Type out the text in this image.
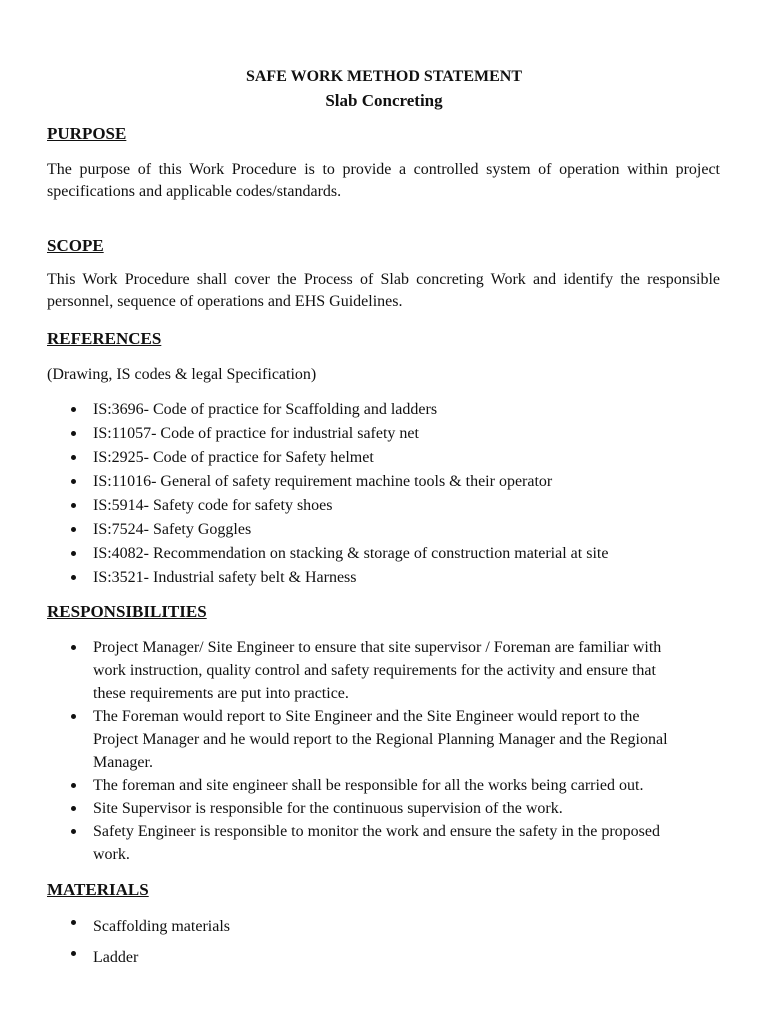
SAFE WORK METHOD STATEMENT
Slab Concreting
PURPOSE
The purpose of this Work Procedure is to provide a controlled system of operation within project specifications and applicable codes/standards.
SCOPE
This Work Procedure shall cover the Process of Slab concreting Work and identify the responsible personnel, sequence of operations and EHS Guidelines.
REFERENCES
(Drawing, IS codes & legal Specification)
IS:3696- Code of practice for Scaffolding and ladders
IS:11057- Code of practice for industrial safety net
IS:2925- Code of practice for Safety helmet
IS:11016- General of safety requirement machine tools & their operator
IS:5914- Safety code for safety shoes
IS:7524- Safety Goggles
IS:4082- Recommendation on stacking & storage of construction material at site
IS:3521- Industrial safety belt & Harness
RESPONSIBILITIES
Project Manager/ Site Engineer to ensure that site supervisor / Foreman are familiar with work instruction, quality control and safety requirements for the activity and ensure that these requirements are put into practice.
The Foreman would report to Site Engineer and the Site Engineer would report to the Project Manager and he would report to the Regional Planning Manager and the Regional Manager.
The foreman and site engineer shall be responsible for all the works being carried out.
Site Supervisor is responsible for the continuous supervision of the work.
Safety Engineer is responsible to monitor the work and ensure the safety in the proposed work.
MATERIALS
Scaffolding materials
Ladder
